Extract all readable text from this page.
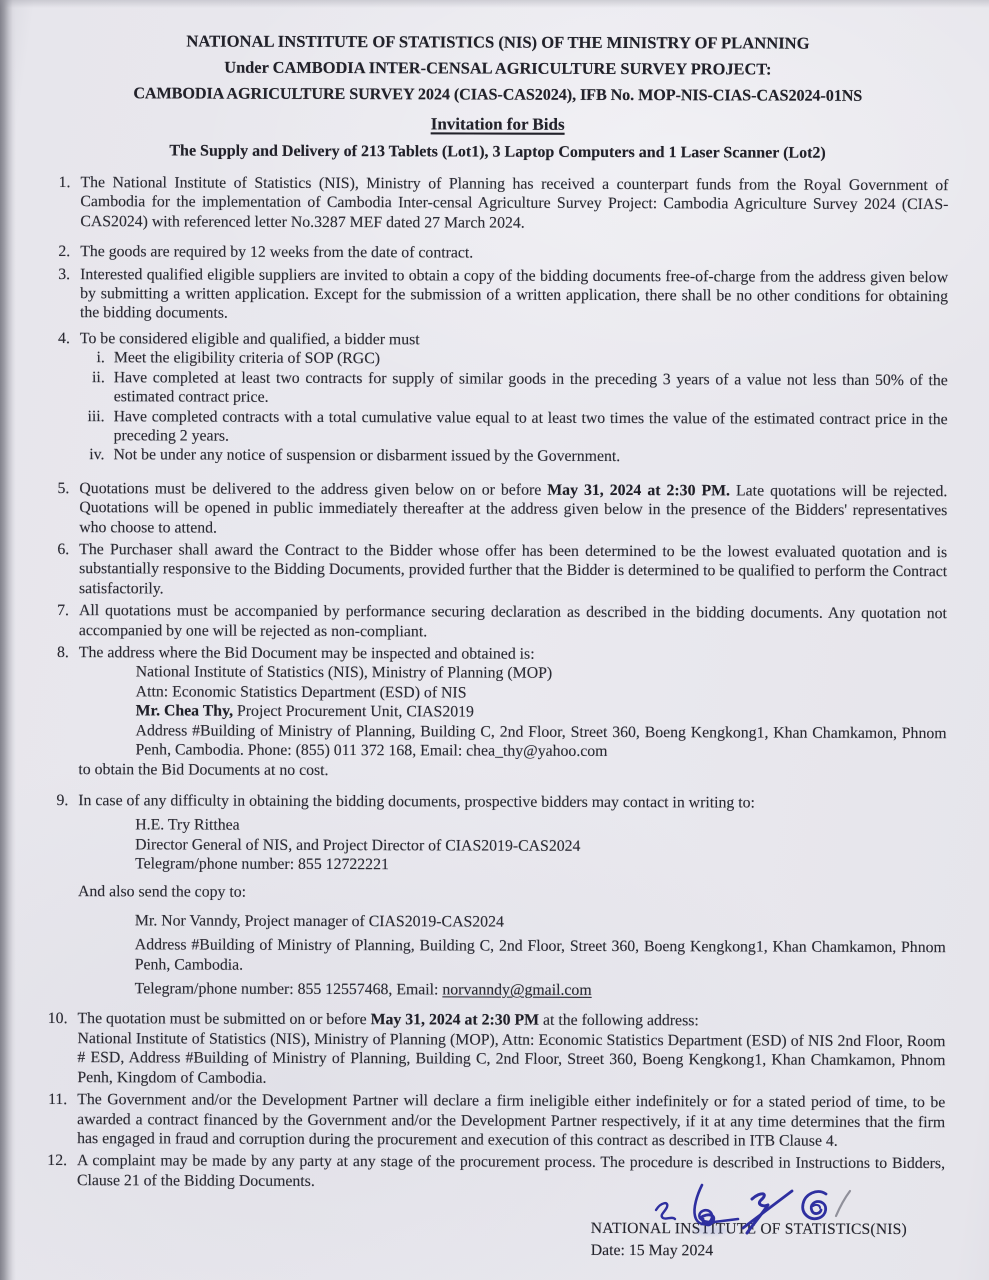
NATIONAL INSTITUTE OF STATISTICS (NIS) OF THE MINISTRY OF PLANNING
Under CAMBODIA INTER-CENSAL AGRICULTURE SURVEY PROJECT:
CAMBODIA AGRICULTURE SURVEY 2024 (CIAS-CAS2024), IFB No. MOP-NIS-CIAS-CAS2024-01NS
Invitation for Bids
The Supply and Delivery of 213 Tablets (Lot1), 3 Laptop Computers and 1 Laser Scanner (Lot2)
1. The National Institute of Statistics (NIS), Ministry of Planning has received a counterpart funds from the Royal Government of Cambodia for the implementation of Cambodia Inter-censal Agriculture Survey Project: Cambodia Agriculture Survey 2024 (CIAS-CAS2024) with referenced letter No.3287 MEF dated 27 March 2024.
2. The goods are required by 12 weeks from the date of contract.
3. Interested qualified eligible suppliers are invited to obtain a copy of the bidding documents free-of-charge from the address given below by submitting a written application. Except for the submission of a written application, there shall be no other conditions for obtaining the bidding documents.
4. To be considered eligible and qualified, a bidder must
i. Meet the eligibility criteria of SOP (RGC)
ii. Have completed at least two contracts for supply of similar goods in the preceding 3 years of a value not less than 50% of the estimated contract price.
iii. Have completed contracts with a total cumulative value equal to at least two times the value of the estimated contract price in the preceding 2 years.
iv. Not be under any notice of suspension or disbarment issued by the Government.
5. Quotations must be delivered to the address given below on or before May 31, 2024 at 2:30 PM. Late quotations will be rejected. Quotations will be opened in public immediately thereafter at the address given below in the presence of the Bidders' representatives who choose to attend.
6. The Purchaser shall award the Contract to the Bidder whose offer has been determined to be the lowest evaluated quotation and is substantially responsive to the Bidding Documents, provided further that the Bidder is determined to be qualified to perform the Contract satisfactorily.
7. All quotations must be accompanied by performance securing declaration as described in the bidding documents. Any quotation not accompanied by one will be rejected as non-compliant.
8. The address where the Bid Document may be inspected and obtained is:
National Institute of Statistics (NIS), Ministry of Planning (MOP)
Attn: Economic Statistics Department (ESD) of NIS
Mr. Chea Thy, Project Procurement Unit, CIAS2019
Address #Building of Ministry of Planning, Building C, 2nd Floor, Street 360, Boeng Kengkong1, Khan Chamkamon, Phnom Penh, Cambodia. Phone: (855) 011 372 168, Email: chea_thy@yahoo.com
to obtain the Bid Documents at no cost.
9. In case of any difficulty in obtaining the bidding documents, prospective bidders may contact in writing to:
H.E. Try Ritthea
Director General of NIS, and Project Director of CIAS2019-CAS2024
Telegram/phone number: 855 12722221
And also send the copy to:
Mr. Nor Vanndy, Project manager of CIAS2019-CAS2024
Address #Building of Ministry of Planning, Building C, 2nd Floor, Street 360, Boeng Kengkong1, Khan Chamkamon, Phnom Penh, Cambodia.
Telegram/phone number: 855 12557468, Email: norvanndy@gmail.com
10. The quotation must be submitted on or before May 31, 2024 at 2:30 PM at the following address:
National Institute of Statistics (NIS), Ministry of Planning (MOP), Attn: Economic Statistics Department (ESD) of NIS 2nd Floor, Room # ESD, Address #Building of Ministry of Planning, Building C, 2nd Floor, Street 360, Boeng Kengkong1, Khan Chamkamon, Phnom Penh, Kingdom of Cambodia.
11. The Government and/or the Development Partner will declare a firm ineligible either indefinitely or for a stated period of time, to be awarded a contract financed by the Government and/or the Development Partner respectively, if it at any time determines that the firm has engaged in fraud and corruption during the procurement and execution of this contract as described in ITB Clause 4.
12. A complaint may be made by any party at any stage of the procurement process. The procedure is described in Instructions to Bidders, Clause 21 of the Bidding Documents.
NATIONAL INSTITUTE OF STATISTICS(NIS)
Date: 15 May 2024
